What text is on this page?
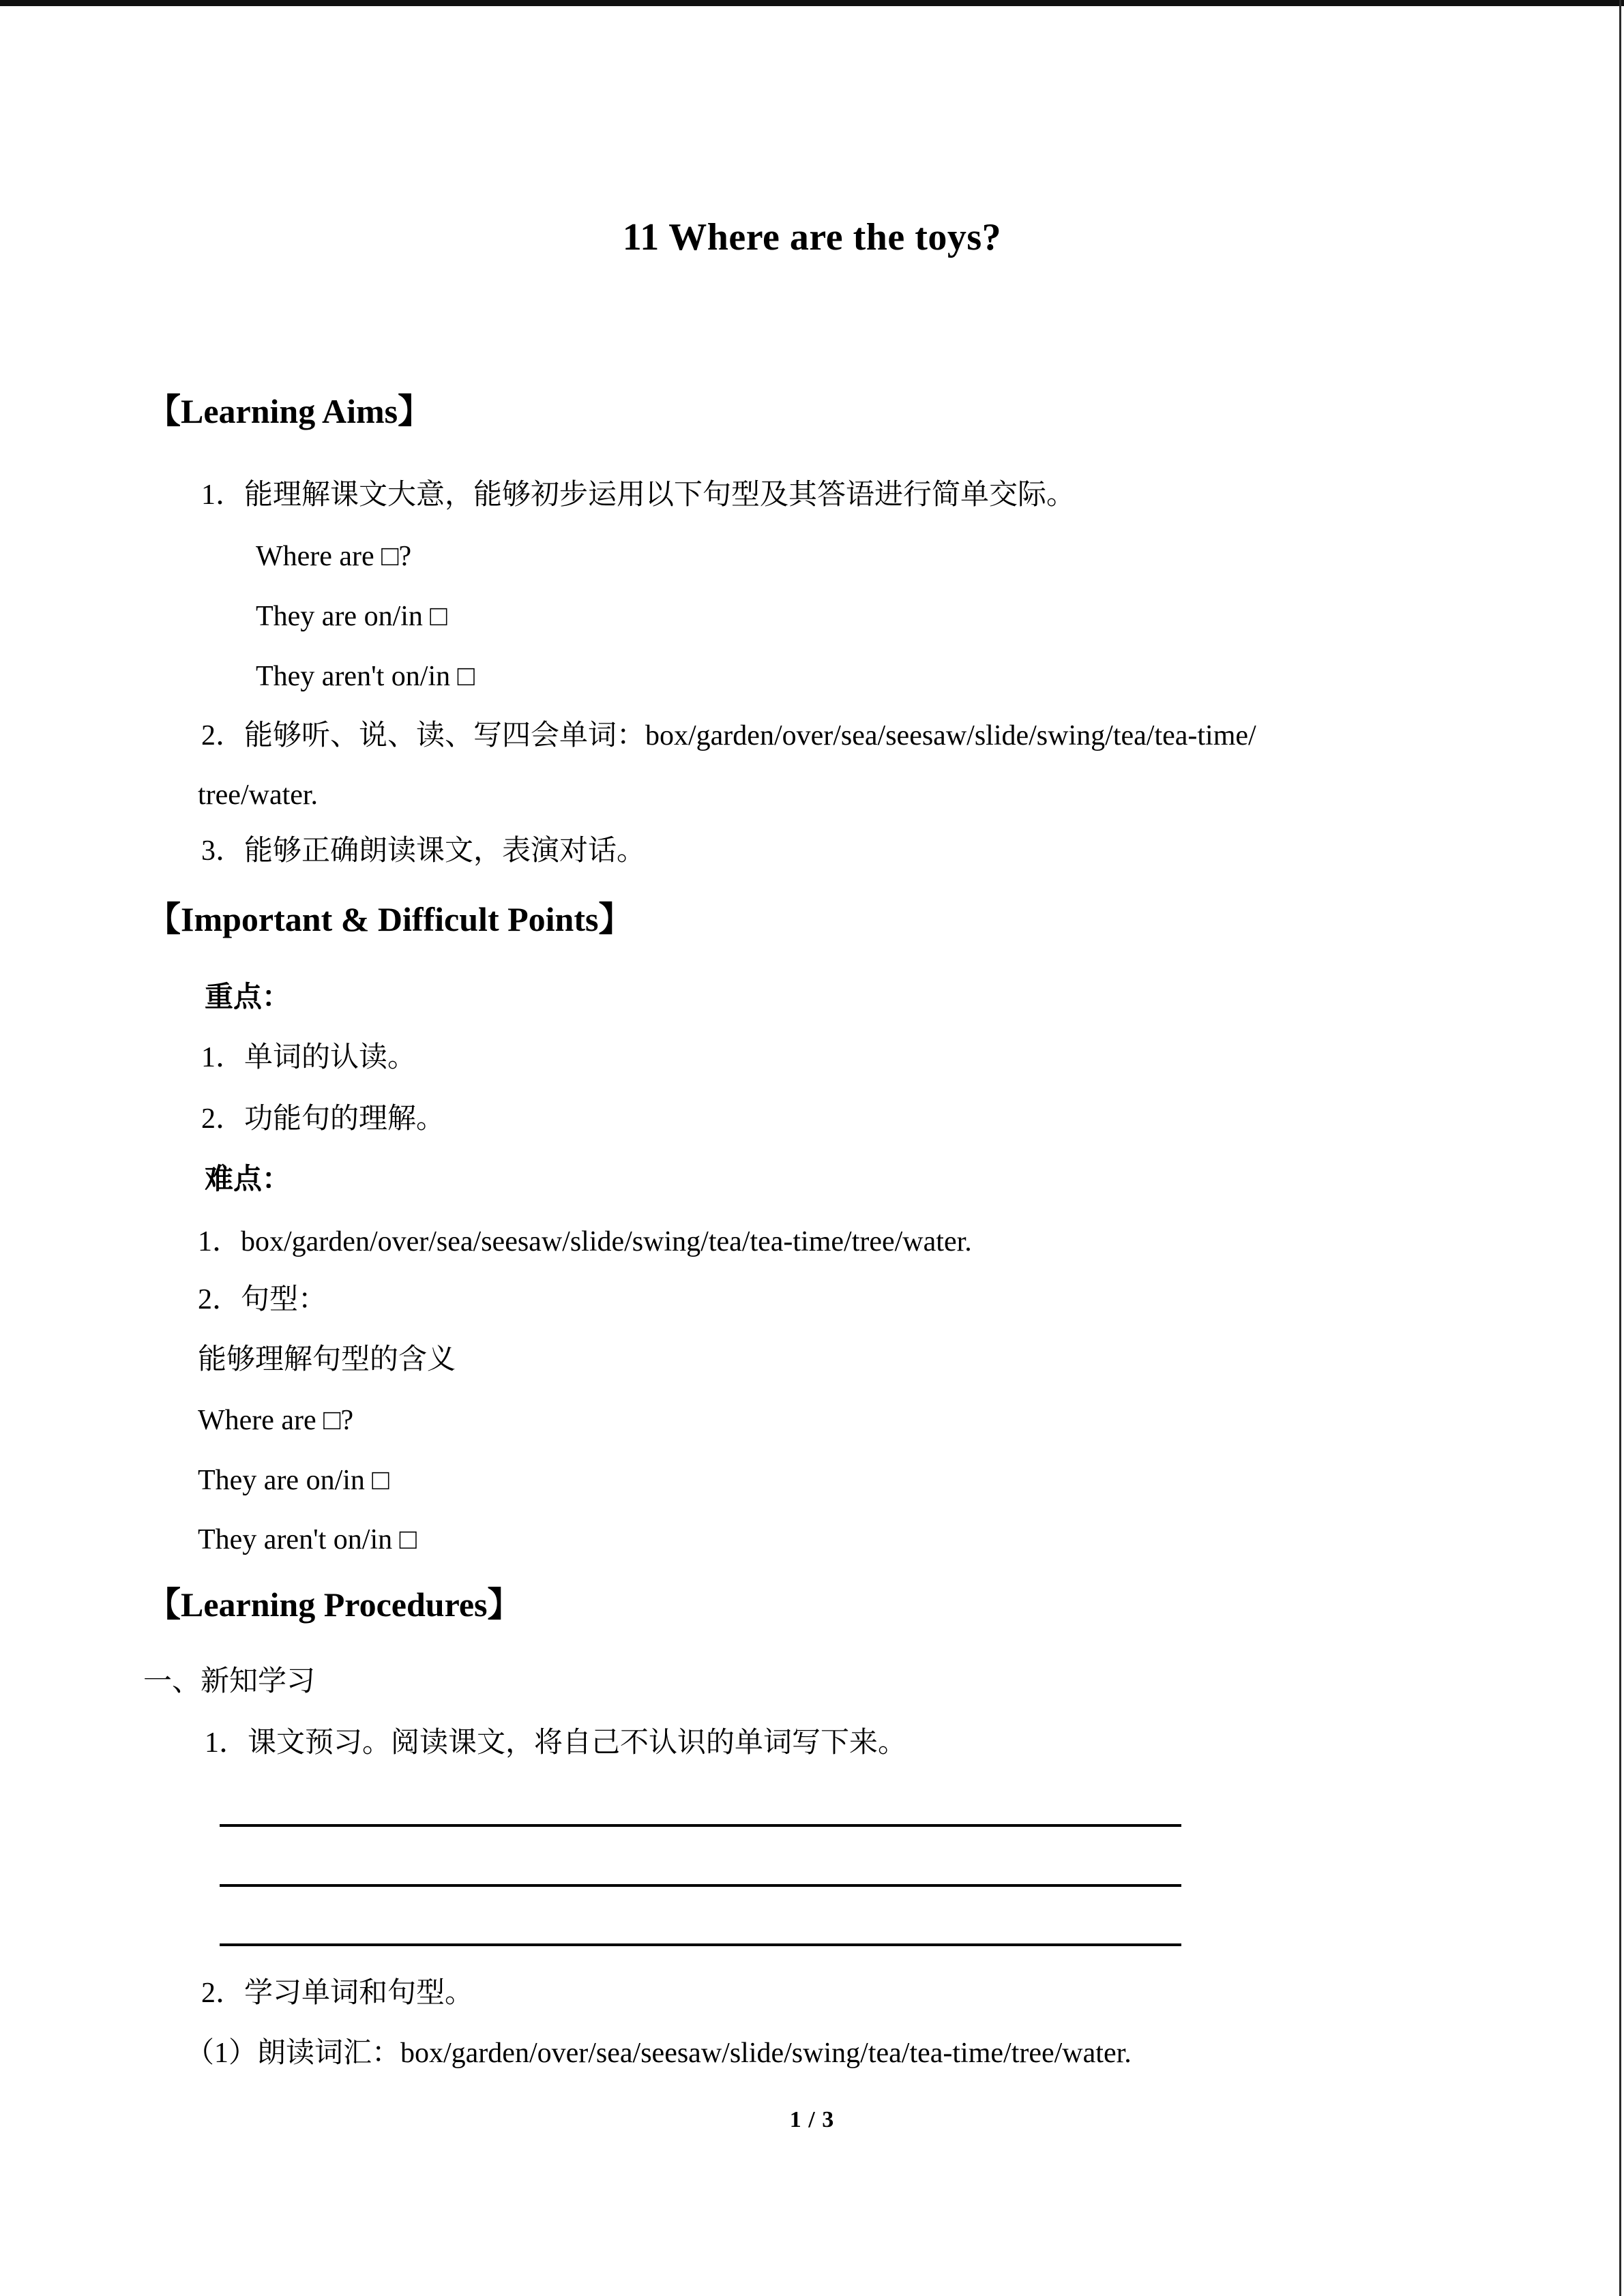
11 Where are the toys?
【Learning Aims】
1．能理解课文大意，能够初步运用以下句型及其答语进行简单交际。
Where are □?
They are on/in □
They aren't on/in □
2．能够听、说、读、写四会单词：box/garden/over/sea/seesaw/slide/swing/tea/tea-time/
tree/water.
3．能够正确朗读课文，表演对话。
【Important & Difficult Points】
重点：
1．单词的认读。
2．功能句的理解。
难点：
1．box/garden/over/sea/seesaw/slide/swing/tea/tea-time/tree/water.
2．句型：
能够理解句型的含义
Where are □?
They are on/in □
They aren't on/in □
【Learning Procedures】
一、新知学习
1．课文预习。阅读课文，将自己不认识的单词写下来。
2．学习单词和句型。
（1）朗读词汇：box/garden/over/sea/seesaw/slide/swing/tea/tea-time/tree/water.
1 / 3
